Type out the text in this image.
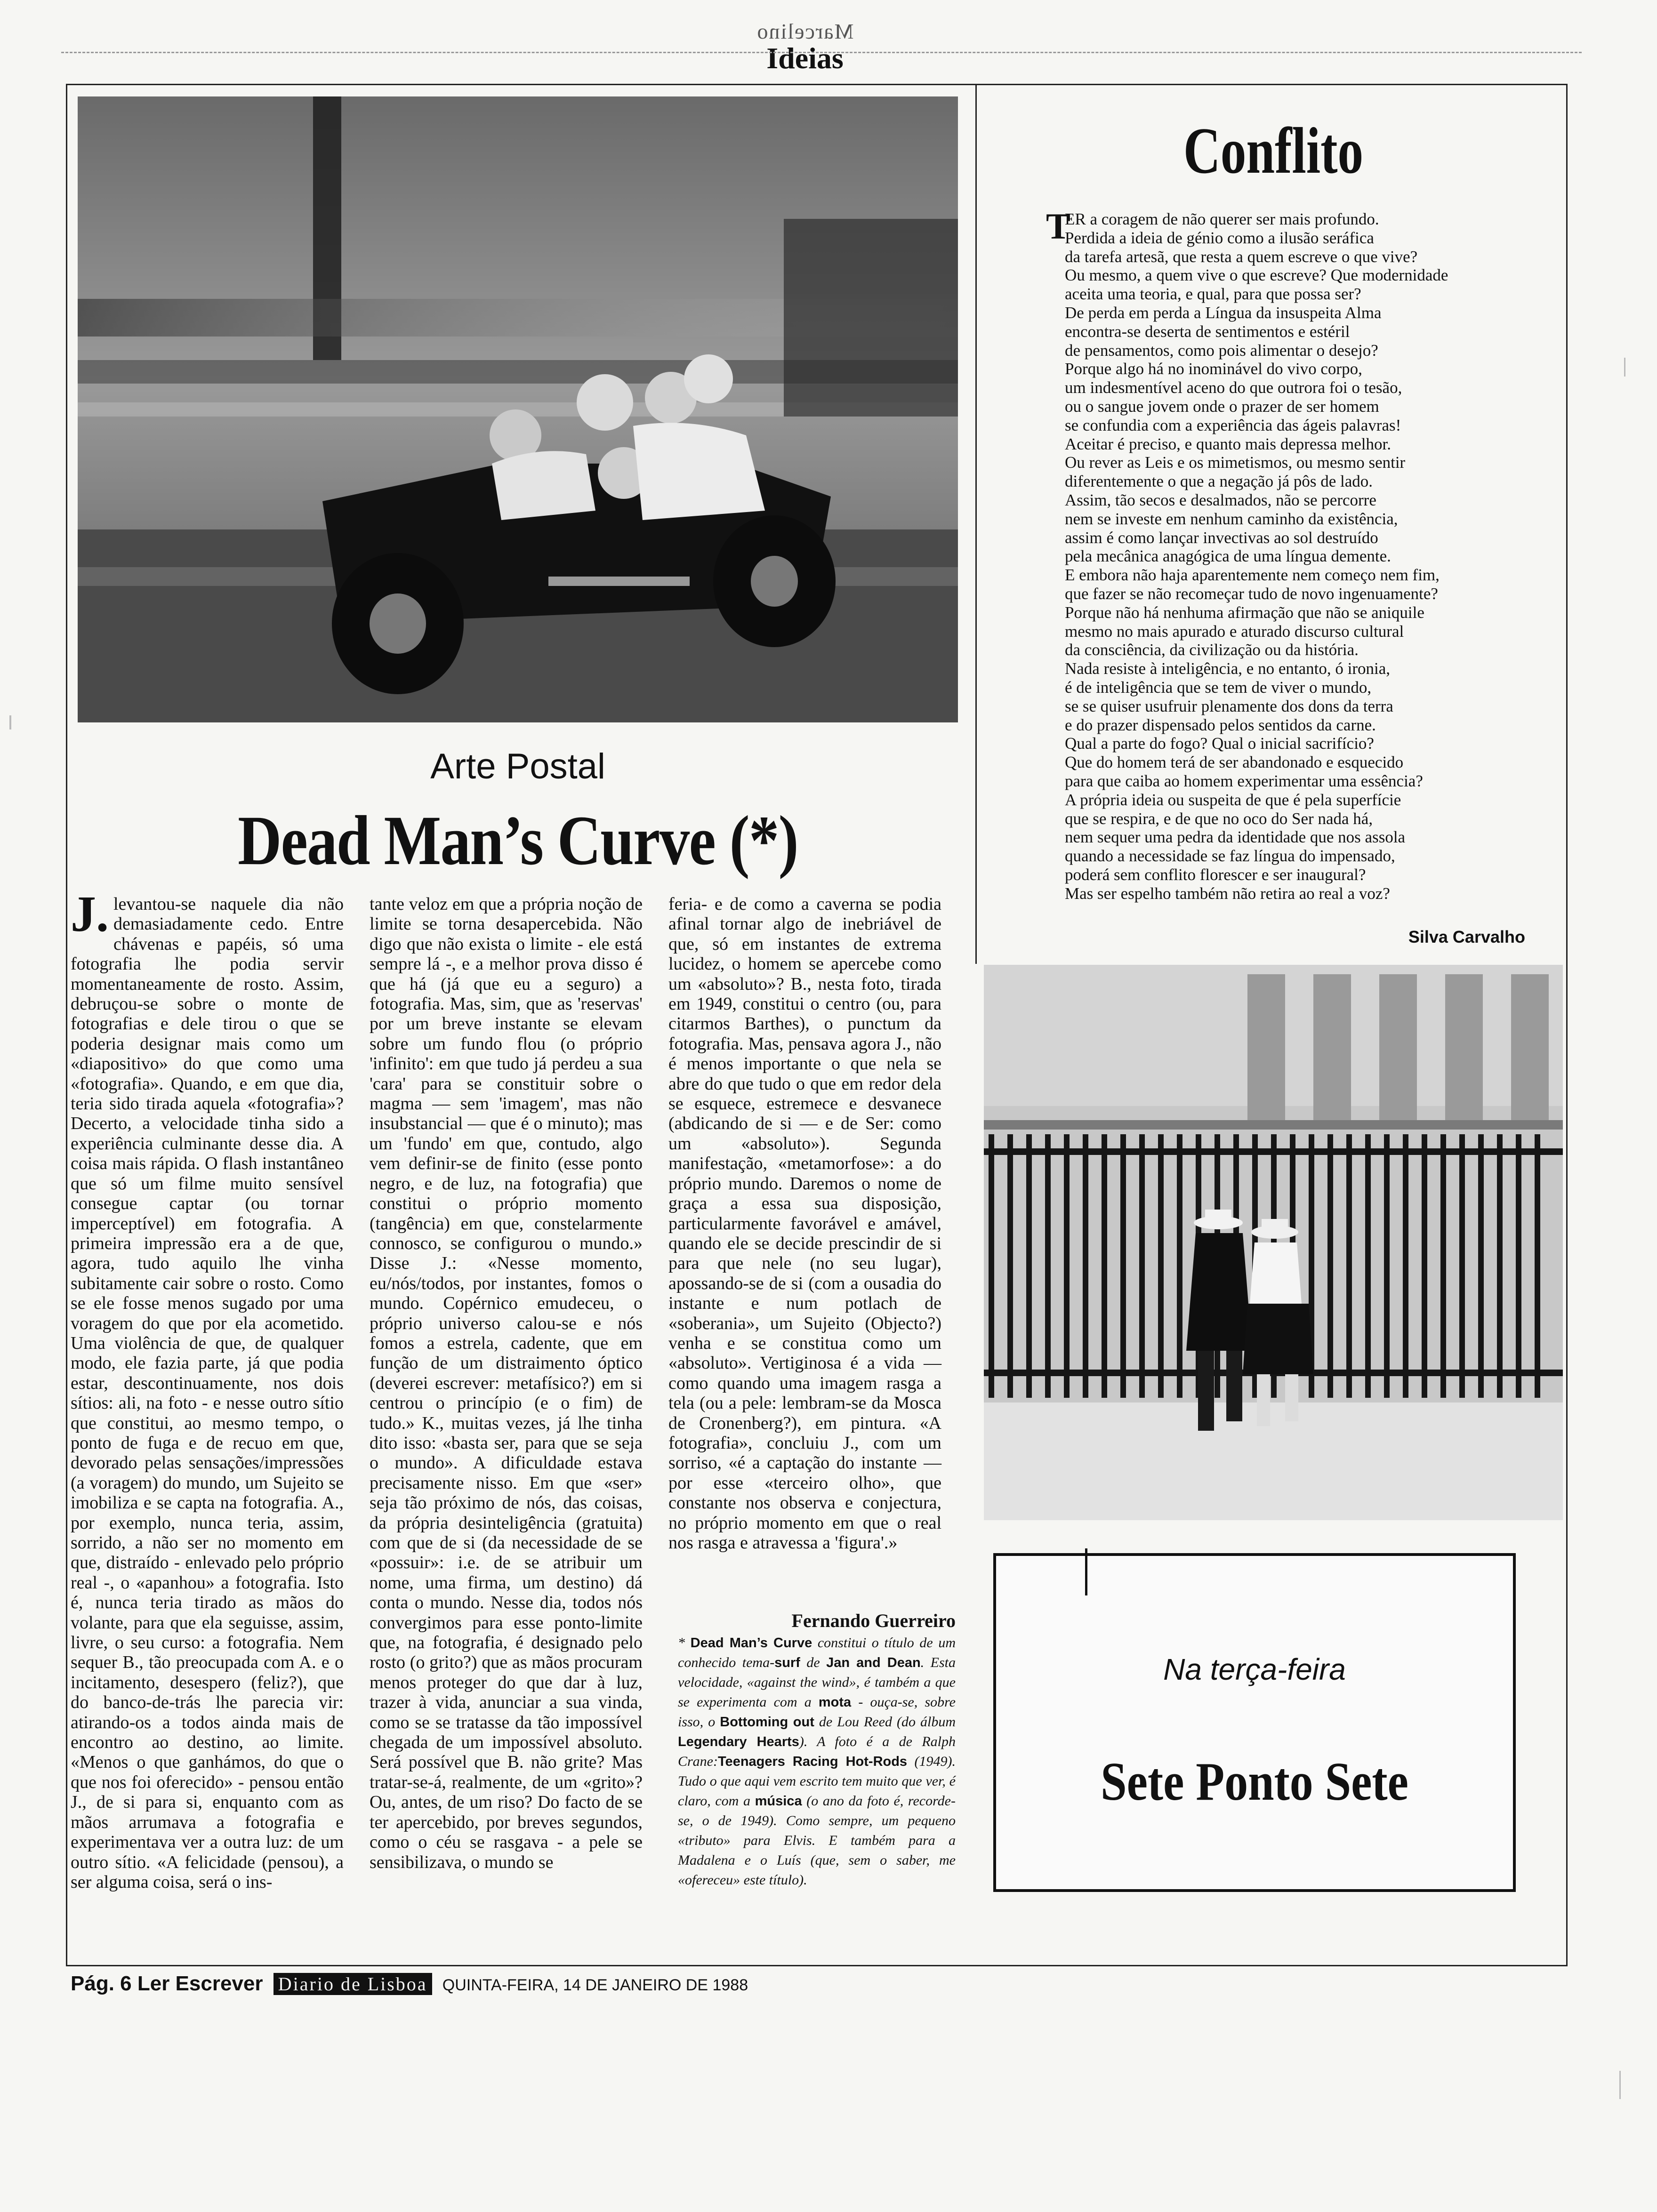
Marcelino
Ideias
Arte Postal
Dead Man’s Curve (*)
J. levantou-se naquele dia não demasiadamente cedo. Entre chávenas e papéis, só uma fotografia lhe podia servir momentaneamente de rosto. Assim, debruçou-se sobre o monte de fotografias e dele tirou o que se poderia designar mais como um «diapositivo» do que como uma «fotografia». Quando, e em que dia, teria sido tirada aquela «fotografia»? Decerto, a velocidade tinha sido a experiência culminante desse dia. A coisa mais rápida. O flash instantâneo que só um filme muito sensível consegue captar (ou tornar imperceptível) em fotografia. A primeira impressão era a de que, agora, tudo aquilo lhe vinha subitamente cair sobre o rosto. Como se ele fosse menos sugado por uma voragem do que por ela acometido. Uma violência de que, de qualquer modo, ele fazia parte, já que podia estar, descontinuamente, nos dois sítios: ali, na foto - e nesse outro sítio que constitui, ao mesmo tempo, o ponto de fuga e de recuo em que, devorado pelas sensações/impressões (a voragem) do mundo, um Sujeito se imobiliza e se capta na fotografia. A., por exemplo, nunca teria, assim, sorrido, a não ser no momento em que, distraído - enlevado pelo próprio real -, o «apanhou» a fotografia. Isto é, nunca teria tirado as mãos do volante, para que ela seguisse, assim, livre, o seu curso: a fotografia. Nem sequer B., tão preocupada com A. e o incitamento, desespero (feliz?), que do banco-de-trás lhe parecia vir: atirando-os a todos ainda mais de encontro ao destino, ao limite. «Menos o que ganhámos, do que o que nos foi oferecido» - pensou então J., de si para si, enquanto com as mãos arrumava a fotografia e experimentava ver a outra luz: de um outro sítio. «A felicidade (pensou), a ser alguma coisa, será o ins-
tante veloz em que a própria noção de limite se torna desapercebida. Não digo que não exista o limite - ele está sempre lá -, e a melhor prova disso é que há (já que eu a seguro) a fotografia. Mas, sim, que as 'reservas' por um breve instante se elevam sobre um fundo flou (o próprio 'infinito': em que tudo já perdeu a sua 'cara' para se constituir sobre o magma — sem 'imagem', mas não insubstancial — que é o minuto); mas um 'fundo' em que, contudo, algo vem definir-se de finito (esse ponto negro, e de luz, na fotografia) que constitui o próprio momento (tangência) em que, constelarmente connosco, se configurou o mundo.» Disse J.: «Nesse momento, eu/nós/todos, por instantes, fomos o mundo. Copérnico emudeceu, o próprio universo calou-se e nós fomos a estrela, cadente, que em função de um distraimento óptico (deverei escrever: metafísico?) em si centrou o princípio (e o fim) de tudo.» K., muitas vezes, já lhe tinha dito isso: «basta ser, para que se seja o mundo». A dificuldade estava precisamente nisso. Em que «ser» seja tão próximo de nós, das coisas, da própria desinteligência (gratuita) com que de si (da necessidade de se «possuir»: i.e. de se atribuir um nome, uma firma, um destino) dá conta o mundo. Nesse dia, todos nós convergimos para esse ponto-limite que, na fotografia, é designado pelo rosto (o grito?) que as mãos procuram menos proteger do que dar à luz, trazer à vida, anunciar a sua vinda, como se se tratasse da tão impossível chegada de um impossível absoluto. Será possível que B. não grite? Mas tratar-se-á, realmente, de um «grito»? Ou, antes, de um riso? Do facto de se ter apercebido, por breves segundos, como o céu se rasgava - a pele se sensibilizava, o mundo se
feria- e de como a caverna se podia afinal tornar algo de inebriável de que, só em instantes de extrema lucidez, o homem se apercebe como um «absoluto»? B., nesta foto, tirada em 1949, constitui o centro (ou, para citarmos Barthes), o punctum da fotografia. Mas, pensava agora J., não é menos importante o que nela se abre do que tudo o que em redor dela se esquece, estremece e desvanece (abdicando de si — e de Ser: como um «absoluto»). Segunda manifestação, «metamorfose»: a do próprio mundo. Daremos o nome de graça a essa sua disposição, particularmente favorável e amável, quando ele se decide prescindir de si para que nele (no seu lugar), apossando-se de si (com a ousadia do instante e num potlach de «soberania», um Sujeito (Objecto?) venha e se constitua como um «absoluto». Vertiginosa é a vida — como quando uma imagem rasga a tela (ou a pele: lembram-se da Mosca de Cronenberg?), em pintura. «A fotografia», concluiu J., com um sorriso, «é a captação do instante — por esse «terceiro olho», que constante nos observa e conjectura, no próprio momento em que o real nos rasga e atravessa a 'figura'.»
Fernando Guerreiro
* Dead Man’s Curve constitui o título de um conhecido tema-surf de Jan and Dean. Esta velocidade, «against the wind», é também a que se experimenta com a mota - ouça-se, sobre isso, o Bottoming out de Lou Reed (do álbum Legendary Hearts). A foto é a de Ralph Crane:Teenagers Racing Hot-Rods (1949). Tudo o que aqui vem escrito tem muito que ver, é claro, com a música (o ano da foto é, recorde-se, o de 1949). Como sempre, um pequeno «tributo» para Elvis. E também para a Madalena e o Luís (que, sem o saber, me «ofereceu» este título).
Conflito
T
ER a coragem de não querer ser mais profundo.
Perdida a ideia de génio como a ilusão seráfica
da tarefa artesã, que resta a quem escreve o que vive?
Ou mesmo, a quem vive o que escreve? Que modernidade
aceita uma teoria, e qual, para que possa ser?
De perda em perda a Língua da insuspeita Alma
encontra-se deserta de sentimentos e estéril
de pensamentos, como pois alimentar o desejo?
Porque algo há no inominável do vivo corpo,
um indesmentível aceno do que outrora foi o tesão,
ou o sangue jovem onde o prazer de ser homem
se confundia com a experiência das ágeis palavras!
Aceitar é preciso, e quanto mais depressa melhor.
Ou rever as Leis e os mimetismos, ou mesmo sentir
diferentemente o que a negação já pôs de lado.
Assim, tão secos e desalmados, não se percorre
nem se investe em nenhum caminho da existência,
assim é como lançar invectivas ao sol destruído
pela mecânica anagógica de uma língua demente.
E embora não haja aparentemente nem começo nem fim,
que fazer se não recomeçar tudo de novo ingenuamente?
Porque não há nenhuma afirmação que não se aniquile
mesmo no mais apurado e aturado discurso cultural
da consciência, da civilização ou da história.
Nada resiste à inteligência, e no entanto, ó ironia,
é de inteligência que se tem de viver o mundo,
se se quiser usufruir plenamente dos dons da terra
e do prazer dispensado pelos sentidos da carne.
Qual a parte do fogo? Qual o inicial sacrifício?
Que do homem terá de ser abandonado e esquecido
para que caiba ao homem experimentar uma essência?
A própria ideia ou suspeita de que é pela superfície
que se respira, e de que no oco do Ser nada há,
nem sequer uma pedra da identidade que nos assola
quando a necessidade se faz língua do impensado,
poderá sem conflito florescer e ser inaugural?
Mas ser espelho também não retira ao real a voz?
Silva Carvalho
Na terça-feira
Sete Ponto Sete
Pág. 6 Ler Escrever Diario de Lisboa QUINTA-FEIRA, 14 DE JANEIRO DE 1988
